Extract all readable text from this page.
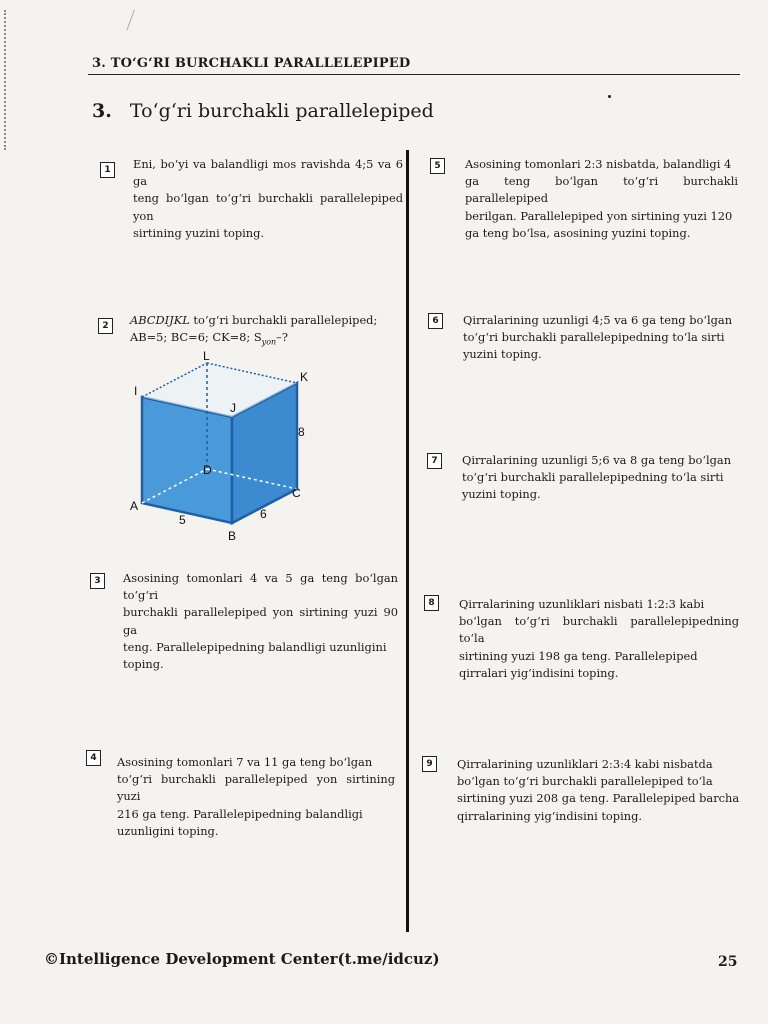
3. TO‘G‘RI BURCHAKLI PARALLELEPIPED
3. To‘g‘ri burchakli parallelepiped
1	Eni, bo‘yi va balandligi mos ravishda 4;5 va 6 ga
teng bo‘lgan to‘g‘ri burchakli parallelepiped yon
sirtining yuzini toping.
2	ABCDIJKL to‘g‘ri burchakli parallelepiped;
AB=5; BC=6; CK=8; $S_{yon}-$?
L
I
K
J
D
A
B
C
8
5	6
3	Asosining tomonlari 4 va 5 ga teng bo‘lgan to‘g‘ri
burchakli parallelepiped yon sirtining yuzi 90 ga
teng. Parallelepipedning balandligi uzunligini
toping.
4	Asosining tomonlari 7 va 11 ga teng bo‘lgan
to‘g‘ri burchakli parallelepiped yon sirtining yuzi
216 ga teng. Parallelepipedning balandligi
uzunligini toping.
5	Asosining tomonlari 2:3 nisbatda, balandligi 4
ga teng bo‘lgan to‘g‘ri burchakli parallelepiped
berilgan. Parallelepiped yon sirtining yuzi 120
ga teng bo‘lsa, asosining yuzini toping.
6	Qirralarining uzunligi 4;5 va 6 ga teng bo‘lgan
to‘g‘ri burchakli parallelepipedning to‘la sirti
yuzini toping.
7	Qirralarining uzunligi 5;6 va 8 ga teng bo‘lgan
to‘g‘ri burchakli parallelepipedning to‘la sirti
yuzini toping.
8	Qirralarining uzunliklari nisbati 1:2:3 kabi
bo‘lgan to‘g‘ri burchakli parallelepipedning to‘la
sirtining yuzi 198 ga teng. Parallelepiped
qirralari yig‘indisini toping.
9	Qirralarining uzunliklari 2:3:4 kabi nisbatda
bo‘lgan to‘g‘ri burchakli parallelepiped to‘la
sirtining yuzi 208 ga teng. Parallelepiped barcha
qirralarining yig‘indisini toping.
©Intelligence Development Center(t.me/idcuz)	25
